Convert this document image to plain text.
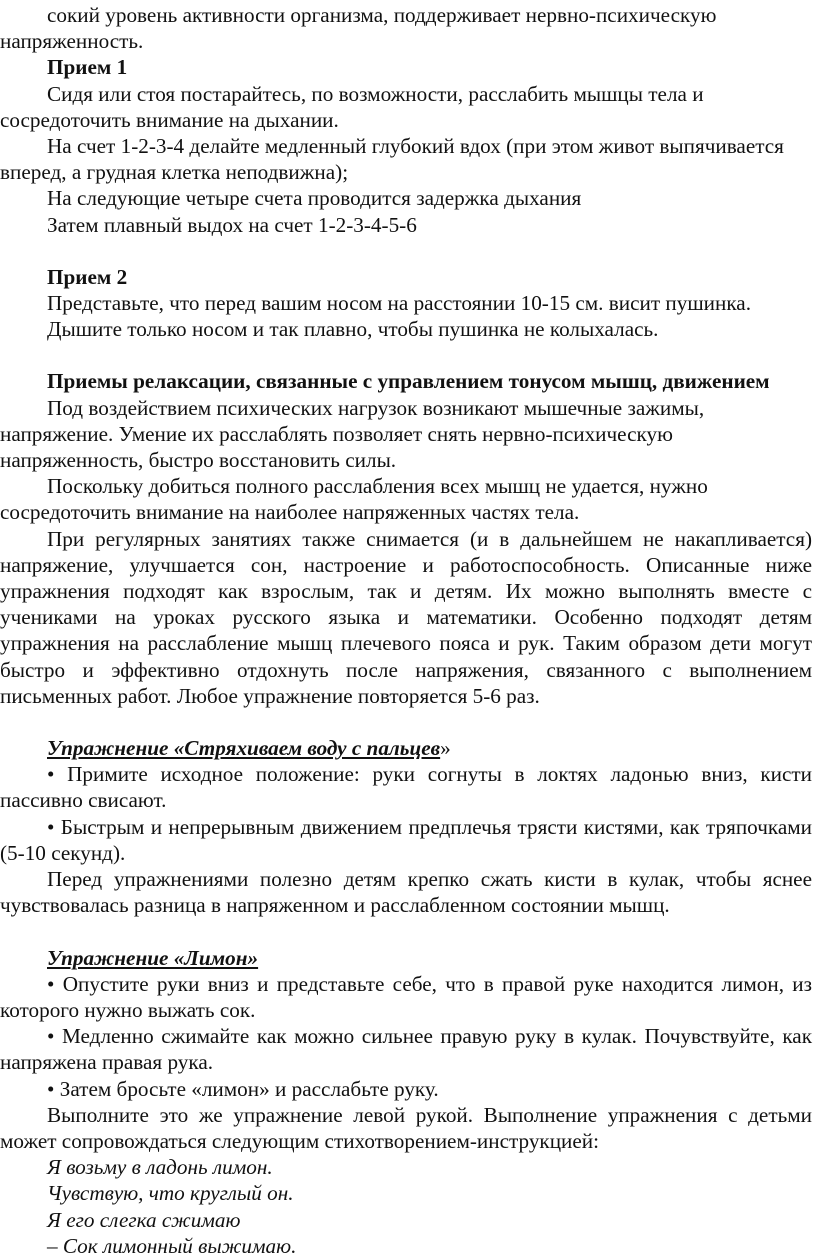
сокий уровень активности организма, поддерживает нервно-психическую напряженность.

Прием 1

Сидя или стоя постарайтесь, по возможности, расслабить мышцы тела и сосредоточить внимание на дыхании.

На счет 1-2-3-4 делайте медленный глубокий вдох (при этом живот выпячивается вперед, а грудная клетка неподвижна);

На следующие четыре счета проводится задержка дыхания

Затем плавный выдох на счет 1-2-3-4-5-6

Прием 2

Представьте, что перед вашим носом на расстоянии 10-15 см. висит пушинка.

Дышите только носом и так плавно, чтобы пушинка не колыхалась.

Приемы релаксации, связанные с управлением тонусом мышц, движением

Под воздействием психических нагрузок возникают мышечные зажимы, напряжение. Умение их расслаблять позволяет снять нервно-психическую напряженность, быстро восстановить силы.

Поскольку добиться полного расслабления всех мышц не удается, нужно сосредоточить внимание на наиболее напряженных частях тела.

При регулярных занятиях также снимается (и в дальнейшем не накапливается) напряжение, улучшается сон, настроение и работоспособность. Описанные ниже упражнения подходят как взрослым, так и детям. Их можно выполнять вместе с учениками на уроках русского языка и математики. Особенно подходят детям упражнения на расслабление мышц плечевого пояса и рук. Таким образом дети могут быстро и эффективно отдохнуть после напряжения, связанного с выполнением письменных работ. Любое упражнение повторяется 5-6 раз.

Упражнение «Стряхиваем воду с пальцев»

• Примите исходное положение: руки согнуты в локтях ладонью вниз, кисти пассивно свисают.

• Быстрым и непрерывным движением предплечья трясти кистями, как тряпочками (5-10 секунд).

Перед упражнениями полезно детям крепко сжать кисти в кулак, чтобы яснее чувствовалась разница в напряженном и расслабленном состоянии мышц.

Упражнение «Лимон»

• Опустите руки вниз и представьте себе, что в правой руке находится лимон, из которого нужно выжать сок.

• Медленно сжимайте как можно сильнее правую руку в кулак. Почувствуйте, как напряжена правая рука.

• Затем бросьте «лимон» и расслабьте руку.

Выполните это же упражнение левой рукой. Выполнение упражнения с детьми может сопровождаться следующим стихотворением-инструкцией:

Я возьму в ладонь лимон.

Чувствую, что круглый он.

Я его слегка сжимаю

– Сок лимонный выжимаю.
